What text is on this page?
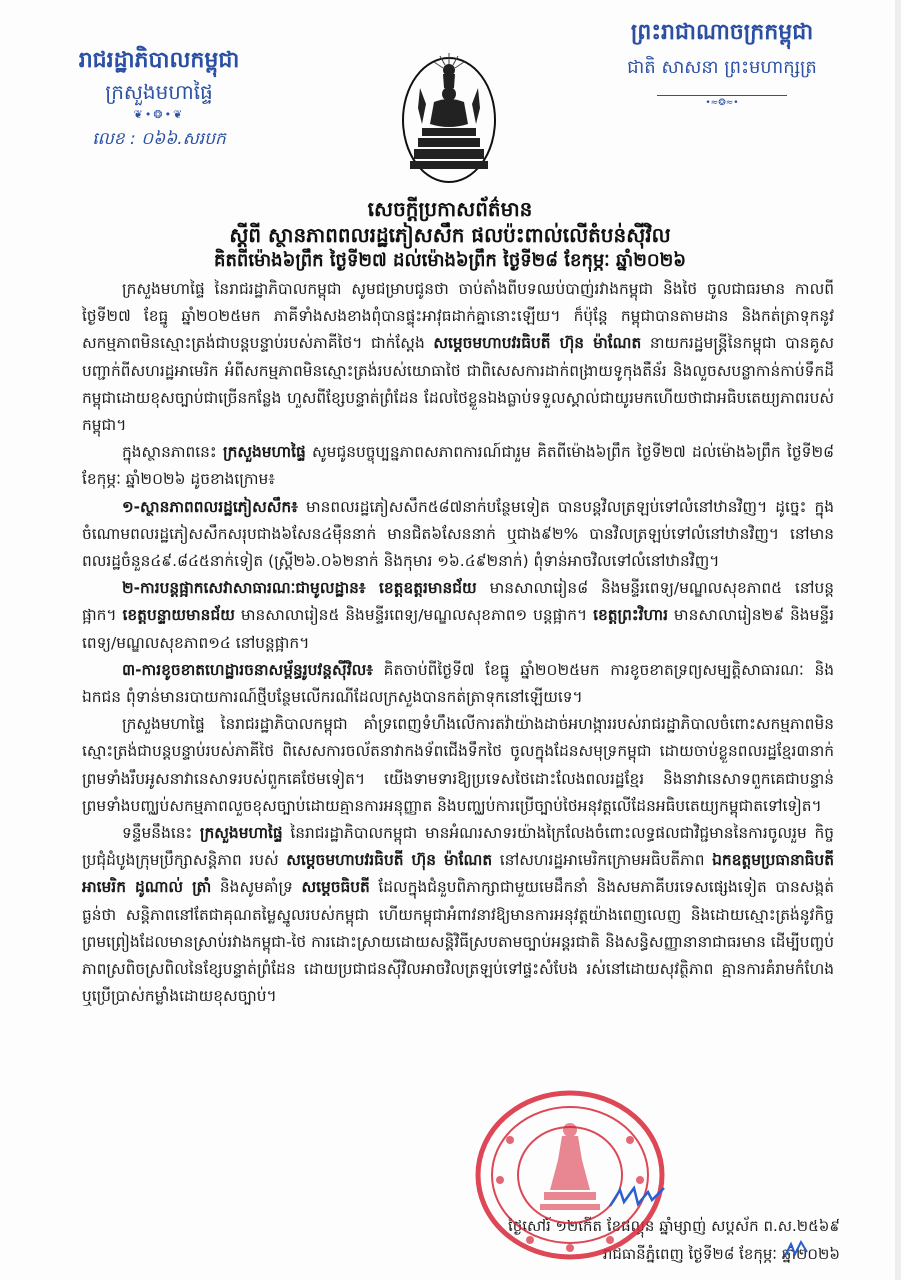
រាជរដ្ឋាភិបាលកម្ពុជា
ក្រសួងមហាផ្ទៃ
❦•❂•❦
លេខ : ០៦៦.សរបក
ព្រះរាជាណាចក្រកម្ពុជា
ជាតិ សាសនា ព្រះមហាក្សត្រ
•≈❂≈•
សេចក្តីប្រកាសព័ត៌មាន
ស្តីពី ស្ថានភាពពលរដ្ឋភៀសសឹក ផលប៉ះពាល់លើតំបន់ស៊ីវិល
គិតពីម៉ោង៦ព្រឹក ថ្ងៃទី២៧ ដល់ម៉ោង៦ព្រឹក ថ្ងៃទី២៨ ខែកុម្ភៈ ឆ្នាំ២០២៦

ក្រសួងមហាផ្ទៃ នៃរាជរដ្ឋាភិបាលកម្ពុជា សូមជម្រាបជូនថា ចាប់តាំងពីបទឈប់បាញ់រវាងកម្ពុជា និងថៃ ចូលជាធរមាន កាលពីថ្ងៃទី២៧ ខែធ្នូ ឆ្នាំ២០២៥មក ភាគីទាំងសងខាងពុំបានផ្ទុះអាវុធដាក់គ្នានោះឡើយ។ ក៏ប៉ុន្តែ កម្ពុជាបានតាមដាន និងកត់ត្រាទុកនូវសកម្មភាពមិនស្មោះត្រង់ជាបន្តបន្ទាប់របស់ភាគីថៃ។ ជាក់ស្តែង សម្តេចមហាបវរធិបតី ហ៊ុន ម៉ាណែត នាយករដ្ឋមន្ត្រីនៃកម្ពុជា បានគូសបញ្ជាក់ពីសហរដ្ឋអាមេរិក អំពីសកម្មភាពមិនស្មោះត្រង់របស់យោធាថៃ ជាពិសេសការដាក់ពង្រាយទូកុងតឺន័រ និងលួចសបន្លាកាន់កាប់ទឹកដីកម្ពុជាដោយខុសច្បាប់ជាច្រើនកន្លែង ហួសពីខ្សែបន្ទាត់ព្រំដែន ដែលថៃខ្លួនឯងធ្លាប់ទទួលស្គាល់ជាយូរមកហើយថាជាអធិបតេយ្យភាពរបស់កម្ពុជា។

ក្នុងស្ថានភាពនេះ ក្រសួងមហាផ្ទៃ សូមជូនបច្ចុប្បន្នភាពសភាពការណ៍ជារួម គិតពីម៉ោង៦ព្រឹក ថ្ងៃទី២៧ ដល់ម៉ោង៦ព្រឹក ថ្ងៃទី២៨ ខែកុម្ភៈ ឆ្នាំ២០២៦ ដូចខាងក្រោម៖

១-ស្ថានភាពពលរដ្ឋភៀសសឹក៖ មានពលរដ្ឋភៀសសឹក៥៨៧នាក់បន្ថែមទៀត បានបន្តវិលត្រឡប់ទៅលំនៅឋានវិញ។ ដូច្នេះ ក្នុងចំណោមពលរដ្ឋភៀសសឹកសរុបជាង៦សែន៤ម៉ឺននាក់ មានជិត៦សែននាក់ ឬជាង៩២% បានវិលត្រឡប់ទៅលំនៅឋានវិញ។ នៅមានពលរដ្ឋចំនួន៤៩.៨៤៥នាក់ទៀត (ស្ត្រី២៦.០៦២នាក់ និងកុមារ ១៦.៤៩២នាក់) ពុំទាន់អាចវិលទៅលំនៅឋានវិញ។

២-ការបន្តផ្អាកសេវាសាធារណៈជាមូលដ្ឋាន៖ ខេត្តឧត្តរមានជ័យ មានសាលារៀន៨ និងមន្ទីរពេទ្យ/មណ្ឌលសុខភាព៥ នៅបន្តផ្អាក។ ខេត្តបន្ទាយមានជ័យ មានសាលារៀន៥ និងមន្ទីរពេទ្យ/មណ្ឌលសុខភាព១ បន្តផ្អាក។ ខេត្តព្រះវិហារ មានសាលារៀន២៩ និងមន្ទីរពេទ្យ/មណ្ឌលសុខភាព១៤ នៅបន្តផ្អាក។

៣-ការខូចខាតហេដ្ឋារចនាសម្ព័ន្ធរូបវន្តស៊ីវិល៖ គិតចាប់ពីថ្ងៃទី៧ ខែធ្នូ ឆ្នាំ២០២៥មក ការខូចខាតទ្រព្យសម្បត្តិសាធារណៈ និងឯកជន ពុំទាន់មានរបាយការណ៍ថ្មីបន្ថែមលើករណីដែលក្រសួងបានកត់ត្រាទុកនៅឡើយទេ។

ក្រសួងមហាផ្ទៃ នៃរាជរដ្ឋាភិបាលកម្ពុជា គាំទ្រពេញទំហឹងលើការតវ៉ាយ៉ាងដាច់អហង្ការរបស់រាជរដ្ឋាភិបាលចំពោះសកម្មភាពមិនស្មោះត្រង់ជាបន្តបន្ទាប់របស់ភាគីថៃ ពិសេសការចល័តនាវាកងទ័ពជើងទឹកថៃ ចូលក្នុងដែនសមុទ្រកម្ពុជា ដោយចាប់ខ្លួនពលរដ្ឋខ្មែរ៣នាក់ ព្រមទាំងរឹបអូសនាវានេសាទរបស់ពួកគេថែមទៀត។ យើងទាមទារឱ្យប្រទេសថៃដោះលែងពលរដ្ឋខ្មែរ និងនាវានេសាទពួកគេជាបន្ទាន់ ព្រមទាំងបញ្ឈប់សកម្មភាពលួចខុសច្បាប់ដោយគ្មានការអនុញ្ញាត និងបញ្ឈប់ការប្រើច្បាប់ថៃអនុវត្តលើដែនអធិបតេយ្យកម្ពុជាតទៅទៀត។

ទន្ទឹមនឹងនេះ ក្រសួងមហាផ្ទៃ នៃរាជរដ្ឋាភិបាលកម្ពុជា មានអំណរសាទរយ៉ាងក្រៃលែងចំពោះលទ្ធផលជាវិជ្ជមាននៃការចូលរួម កិច្ចប្រជុំដំបូងក្រុមប្រឹក្សាសន្តិភាព របស់ សម្តេចមហាបវរធិបតី ហ៊ុន ម៉ាណែត នៅសហរដ្ឋអាមេរិកក្រោមអធិបតីភាព ឯកឧត្តមប្រធានាធិបតីអាមេរិក ដូណាល់ ត្រាំ និងសូមគាំទ្រ សម្តេចធិបតី ដែលក្នុងជំនួបពិភាក្សាជាមួយមេដឹកនាំ និងសមភាគីបរទេសផ្សេងទៀត បានសង្កត់ធ្ងន់ថា សន្តិភាពនៅតែជាគុណតម្លៃស្នូលរបស់កម្ពុជា ហើយកម្ពុជាអំពាវនាវឱ្យមានការអនុវត្តយ៉ាងពេញលេញ និងដោយស្មោះត្រង់នូវកិច្ចព្រមព្រៀងដែលមានស្រាប់រវាងកម្ពុជា-ថៃ ការដោះស្រាយដោយសន្តិវិធីស្របតាមច្បាប់អន្តរជាតិ និងសន្ធិសញ្ញានានាជាធរមាន ដើម្បីបញ្ចប់ភាពស្រពិចស្រពិលនៃខ្សែបន្ទាត់ព្រំដែន ដោយប្រជាជនស៊ីវិលអាចវិលត្រឡប់ទៅផ្ទះសំបែង រស់នៅដោយសុវត្ថិភាព គ្មានការគំរាមកំហែង ឬប្រើប្រាស់កម្លាំងដោយខុសច្បាប់។

ថ្ងៃសៅរ៍ ១២កើត ខែផល្គុន ឆ្នាំម្សាញ់ សប្តស័ក ព.ស.២៥៦៩
រាជធានីភ្នំពេញ ថ្ងៃទី២៨ ខែកុម្ភៈ ឆ្នាំ២០២៦
